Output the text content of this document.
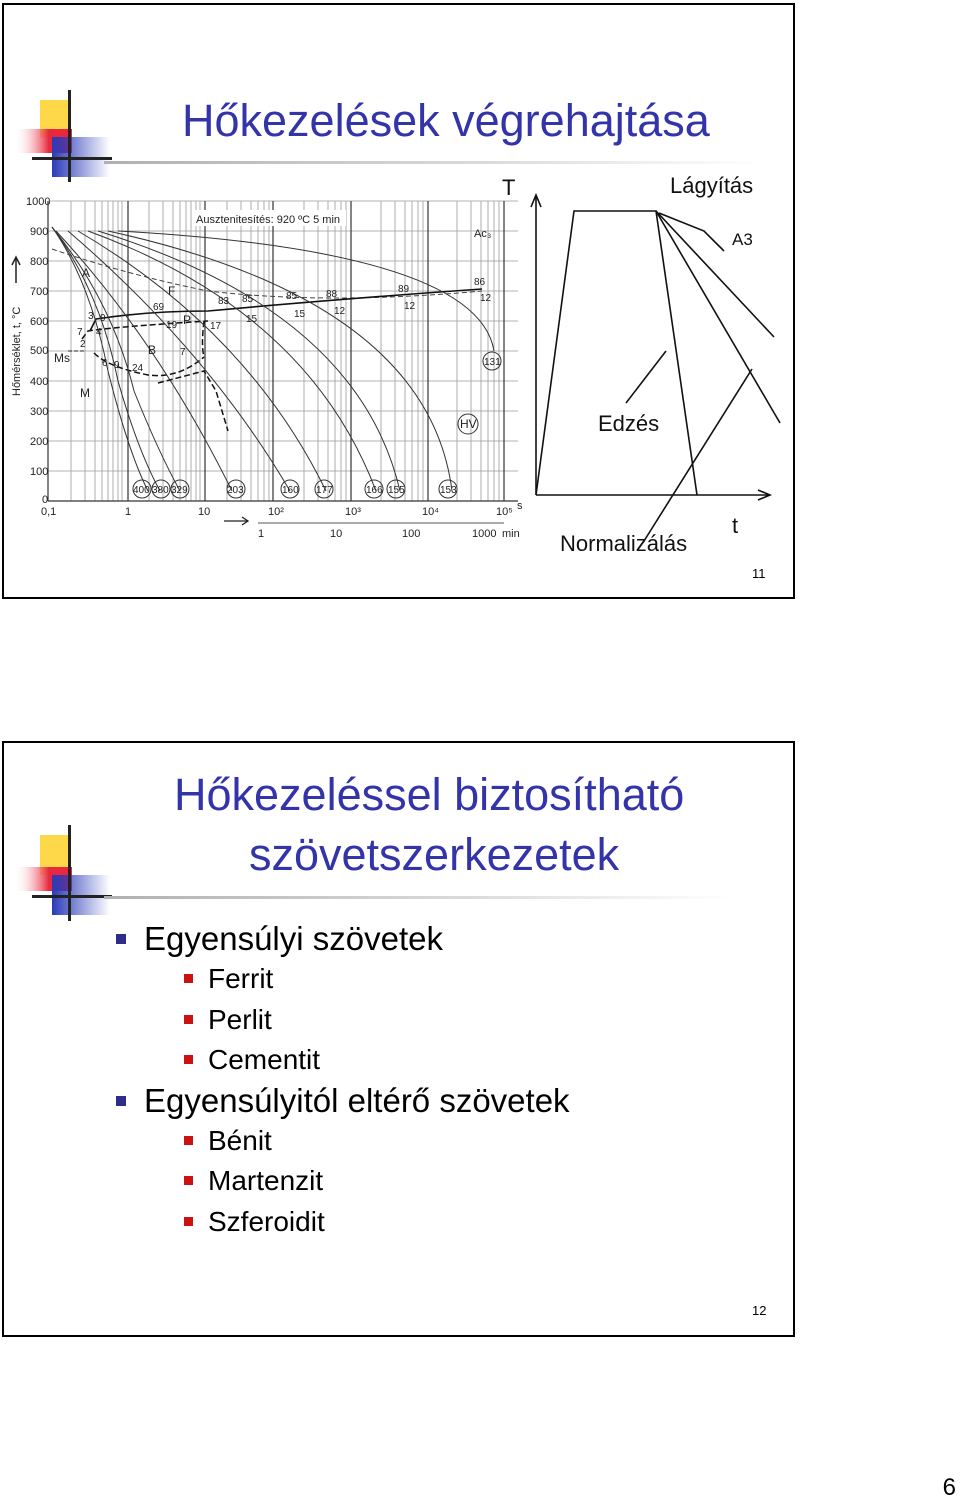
Hőkezelések végrehajtása
1000
900
800
700
600
500
400
300
200
100
0
Hőmérséklet, t, °C
Ausztenitesítés: 920 ºC 5 min
Ac₃
A
F
P
B
M
Ms
HV
3 9
7 4
2
6 9 24
69
19
7
83
17
85
15
85
15
88
12
89
12
86
12
400 380 329	203	160 177	166 155	153
131
0,1	1	10	10²	10³	10⁴	10⁵ s
1	10	100	1000 min
T
t
Lágyítás
A3
Edzés
Normalizálás
11
Hőkezeléssel biztosítható
szövetszerkezetek
Egyensúlyi szövetek
Ferrit
Perlit
Cementit
Egyensúlyitól eltérő szövetek
Bénit
Martenzit
Szferoidit
12
6
